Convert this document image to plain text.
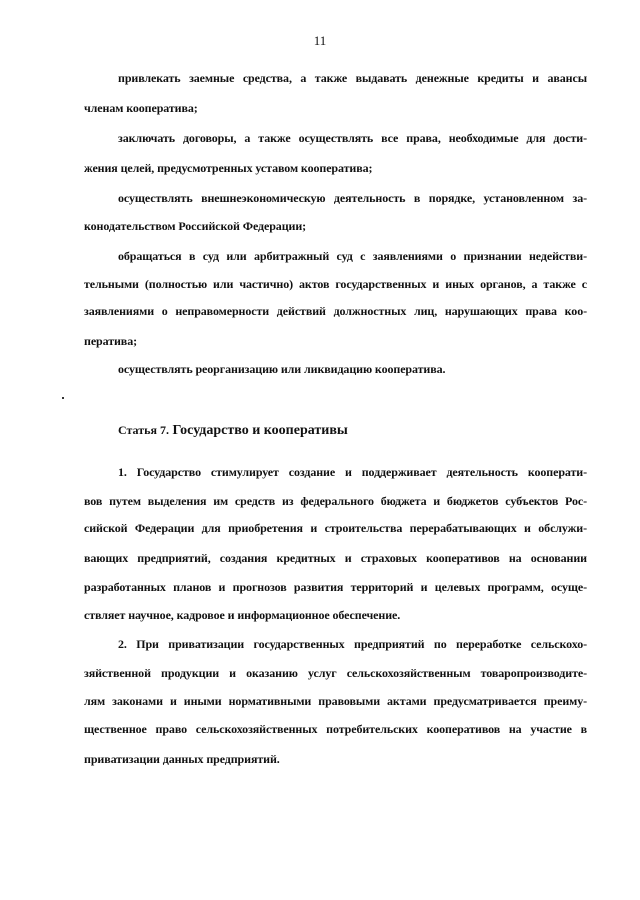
11
привлекать заемные средства, а также выдавать денежные кредиты и авансы
членам кооператива;
заключать договоры, а также осуществлять все права, необходимые для дости-
жения целей, предусмотренных уставом кооператива;
осуществлять внешнеэкономическую деятельность в порядке, установленном за-
конодательством Российской Федерации;
обращаться в суд или арбитражный суд с заявлениями о признании недействи-
тельными (полностью или частично) актов государственных и иных органов, а также с
заявлениями о неправомерности действий должностных лиц, нарушающих права коо-
ператива;
осуществлять реорганизацию или ликвидацию кооператива.
Статья 7. Государство и кооперативы
1. Государство стимулирует создание и поддерживает деятельность кооперати-
вов путем выделения им средств из федерального бюджета и бюджетов субъектов Рос-
сийской Федерации для приобретения и строительства перерабатывающих и обслужи-
вающих предприятий, создания кредитных и страховых кооперативов на основании
разработанных планов и прогнозов развития территорий и целевых программ, осуще-
ствляет научное, кадровое и информационное обеспечение.
2. При приватизации государственных предприятий по переработке сельскохо-
зяйственной продукции и оказанию услуг сельскохозяйственным товаропроизводите-
лям законами и иными нормативными правовыми актами предусматривается преиму-
щественное право сельскохозяйственных потребительских кооперативов на участие в
приватизации данных предприятий.
